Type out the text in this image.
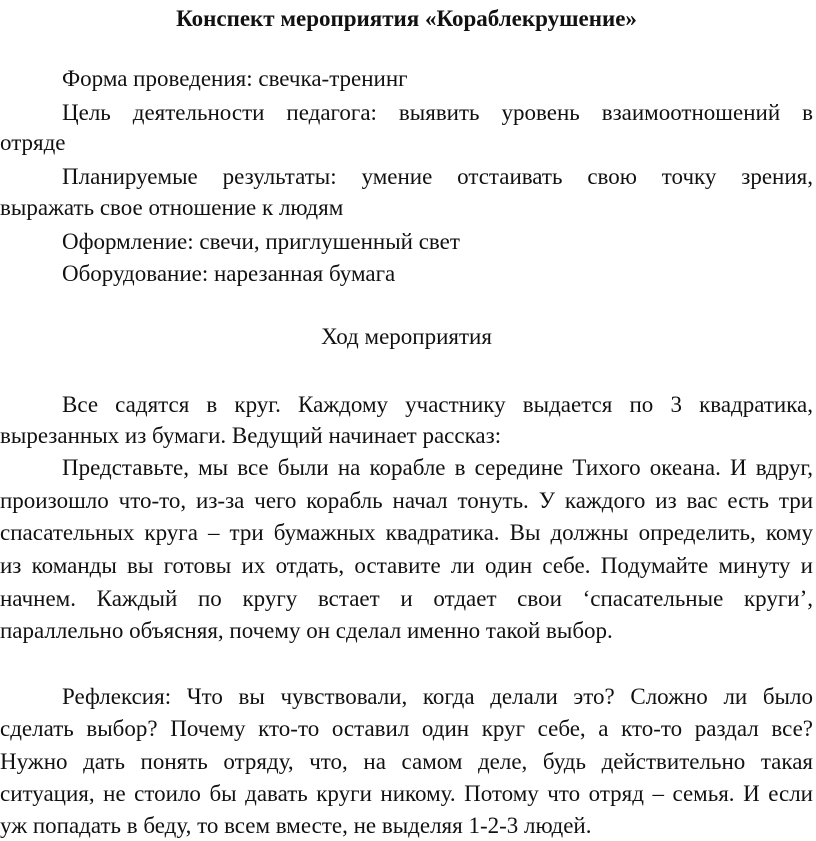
Конспект мероприятия «Кораблекрушение»

Форма проведения: свечка-тренинг

Цель деятельности педагога: выявить уровень взаимоотношений в

отряде

Планируемые результаты: умение отстаивать свою точку зрения,

выражать свое отношение к людям

Оформление: свечи, приглушенный свет

Оборудование: нарезанная бумага

Ход мероприятия

Все садятся в круг. Каждому участнику выдается по 3 квадратика,

вырезанных из бумаги. Ведущий начинает рассказ:

Представьте, мы все были на корабле в середине Тихого океана. И вдруг,

произошло что-то, из-за чего корабль начал тонуть. У каждого из вас есть три

спасательных круга – три бумажных квадратика. Вы должны определить, кому

из команды вы готовы их отдать, оставите ли один себе. Подумайте минуту и

начнем. Каждый по кругу встает и отдает свои ‘спасательные круги’,

параллельно объясняя, почему он сделал именно такой выбор.

Рефлексия: Что вы чувствовали, когда делали это? Сложно ли было

сделать выбор? Почему кто-то оставил один круг себе, а кто-то раздал все?

Нужно дать понять отряду, что, на самом деле, будь действительно такая

ситуация, не стоило бы давать круги никому. Потому что отряд – семья. И если

уж попадать в беду, то всем вместе, не выделяя 1-2-3 людей.
